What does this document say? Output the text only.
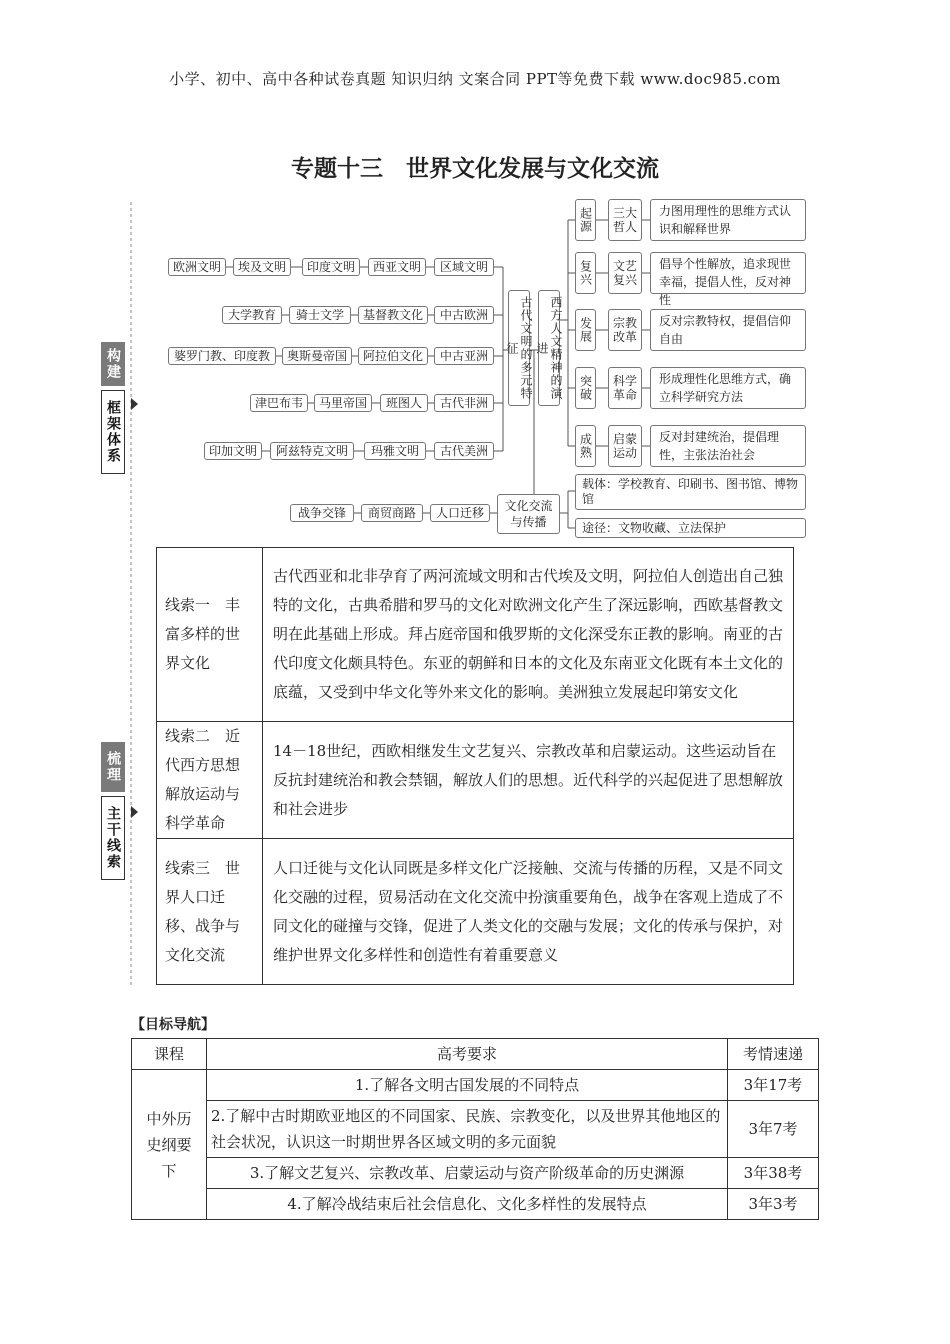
小学、初中、高中各种试卷真题 知识归纳 文案合同 PPT等免费下载 www.doc985.com
专题十三　世界文化发展与文化交流
构建
框架体系
梳理
主干线索
欧洲文明	埃及文明	印度文明	西亚文明	区域文明
大学教育	骑士文学	基督教文化	中古欧洲
婆罗门教、印度教	奥斯曼帝国	阿拉伯文化	中古亚洲
津巴布韦	马里帝国	班图人	古代非洲
印加文明	阿兹特克文明	玛雅文明	古代美洲
古代文明的多元特征	西方人文精神的演进
起源 三大哲人
力图用理性的思维方式认识和解释世界
复兴 文艺复兴
倡导个性解放，追求现世幸福，提倡人性，反对神性
发展 宗教改革
反对宗教特权，提倡信仰自由
突破 科学革命
形成理性化思维方式，确立科学研究方法
成熟 启蒙运动
反对封建统治，提倡理性，主张法治社会
战争交锋	商贸商路	人口迁移	文化交流与传播
载体：学校教育、印刷书、图书馆、博物馆
途径：文物收藏、立法保护
线索一　丰富多样的世界文化	古代西亚和北非孕育了两河流域文明和古代埃及文明，阿拉伯人创造出自己独特的文化，古典希腊和罗马的文化对欧洲文化产生了深远影响，西欧基督教文明在此基础上形成。拜占庭帝国和俄罗斯的文化深受东正教的影响。南亚的古代印度文化颇具特色。东亚的朝鲜和日本的文化及东南亚文化既有本土文化的底蕴，又受到中华文化等外来文化的影响。美洲独立发展起印第安文化
线索二　近代西方思想解放运动与科学革命	14－18世纪，西欧相继发生文艺复兴、宗教改革和启蒙运动。这些运动旨在反抗封建统治和教会禁锢，解放人们的思想。近代科学的兴起促进了思想解放和社会进步
线索三　世界人口迁移、战争与文化交流	人口迁徙与文化认同既是多样文化广泛接触、交流与传播的历程，又是不同文化交融的过程，贸易活动在文化交流中扮演重要角色，战争在客观上造成了不同文化的碰撞与交锋，促进了人类文化的交融与发展；文化的传承与保护，对维护世界文化多样性和创造性有着重要意义
【目标导航】
课程	高考要求	考情速递
中外历史纲要下	1.了解各文明古国发展的不同特点	3年17考
	2.了解中古时期欧亚地区的不同国家、民族、宗教变化，以及世界其他地区的社会状况，认识这一时期世界各区域文明的多元面貌	3年7考
	3.了解文艺复兴、宗教改革、启蒙运动与资产阶级革命的历史渊源	3年38考
	4.了解冷战结束后社会信息化、文化多样性的发展特点	3年3考
